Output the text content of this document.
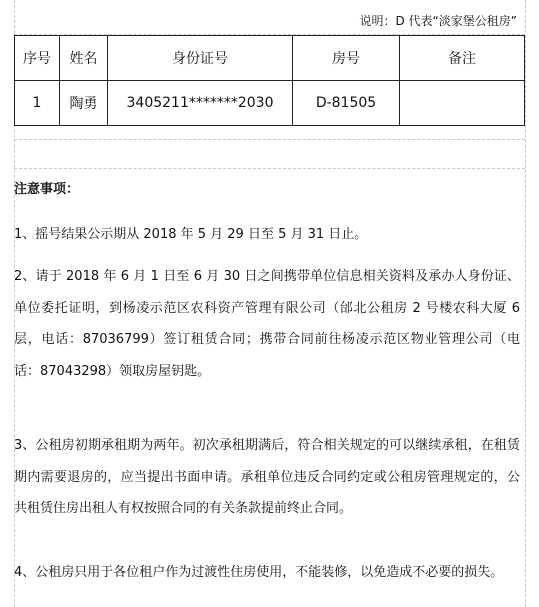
说明：D 代表“淡家堡公租房”
序号	姓名	身份证号	房号	备注
1	陶勇	3405211*******2030	D-81505	
注意事项：
1、摇号结果公示期从 2018 年 5 月 29 日至 5 月 31 日止。
2、请于 2018 年 6 月 1 日至 6 月 30 日之间携带单位信息相关资料及承办人身份证、单位委托证明，到杨凌示范区农科资产管理有限公司（邰北公租房 2 号楼农科大厦 6 层，电话：87036799）签订租赁合同；携带合同前往杨凌示范区物业管理公司（电话：87043298）领取房屋钥匙。
3、公租房初期承租期为两年。初次承租期满后，符合相关规定的可以继续承租，在租赁期内需要退房的，应当提出书面申请。承租单位违反合同约定或公租房管理规定的，公共租赁住房出租人有权按照合同的有关条款提前终止合同。
4、公租房只用于各位租户作为过渡性住房使用，不能装修，以免造成不必要的损失。
